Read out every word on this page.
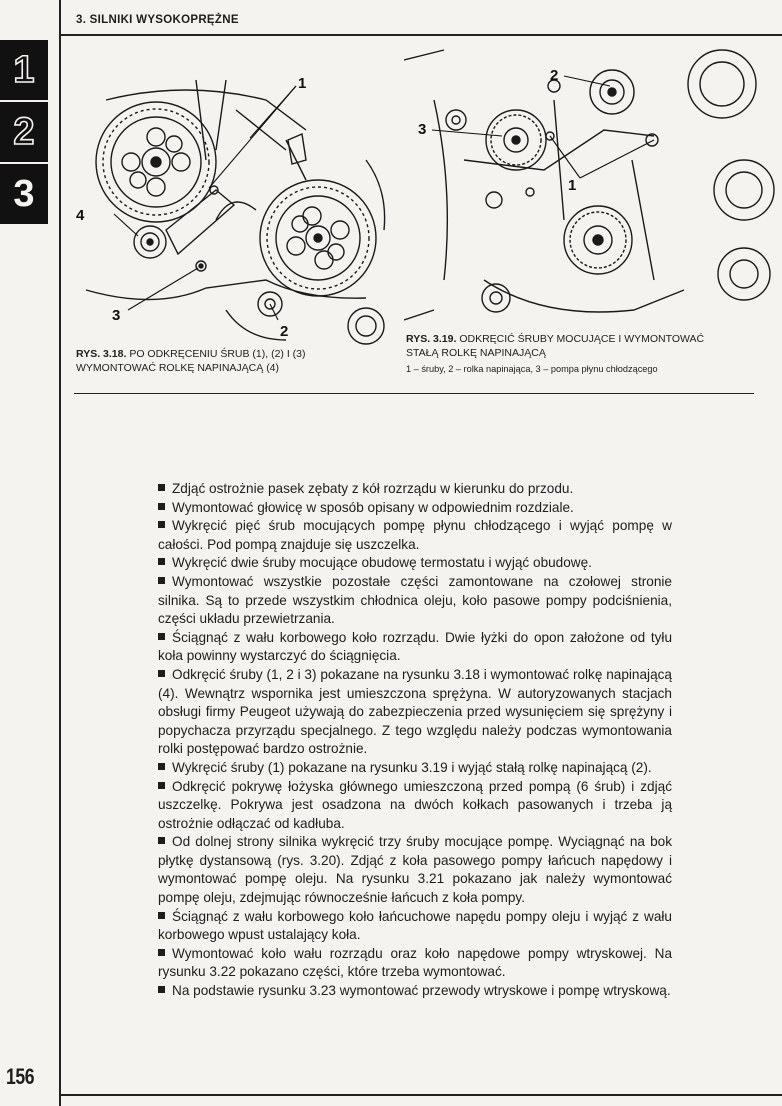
3. SILNIKI WYSOKOPRĘŻNE
1
2
3
1
2
3
4
2
3
1
RYS. 3.18. PO ODKRĘCENIU ŚRUB (1), (2) I (3) WYMONTOWAĆ ROLKĘ NAPINAJĄCĄ (4)
RYS. 3.19. ODKRĘCIĆ ŚRUBY MOCUJĄCE I WYMONTOWAĆ STAŁĄ ROLKĘ NAPINAJĄCĄ
1 – śruby, 2 – rolka napinająca, 3 – pompa płynu chłodzącego

Zdjąć ostrożnie pasek zębaty z kół rozrządu w kierunku do przodu.

Wymontować głowicę w sposób opisany w odpowiednim rozdziale.

Wykręcić pięć śrub mocujących pompę płynu chłodzącego i wyjąć pompę w całości. Pod pompą znajduje się uszczelka.

Wykręcić dwie śruby mocujące obudowę termostatu i wyjąć obudowę.

Wymontować wszystkie pozostałe części zamontowane na czołowej stronie silnika. Są to przede wszystkim chłodnica oleju, koło pasowe pompy podciśnienia, części układu przewietrzania.

Ściągnąć z wału korbowego koło rozrządu. Dwie łyżki do opon założone od tyłu koła powinny wystarczyć do ściągnięcia.

Odkręcić śruby (1, 2 i 3) pokazane na rysunku 3.18 i wymontować rolkę napinającą (4). Wewnątrz wspornika jest umieszczona sprężyna. W autoryzowanych stacjach obsługi firmy Peugeot używają do zabezpieczenia przed wysunięciem się sprężyny i popychacza przyrządu specjalnego. Z tego względu należy podczas wymontowania rolki postępować bardzo ostrożnie.

Wykręcić śruby (1) pokazane na rysunku 3.19 i wyjąć stałą rolkę napinającą (2).

Odkręcić pokrywę łożyska głównego umieszczoną przed pompą (6 śrub) i zdjąć uszczelkę. Pokrywa jest osadzona na dwóch kołkach pasowanych i trzeba ją ostrożnie odłączać od kadłuba.

Od dolnej strony silnika wykręcić trzy śruby mocujące pompę. Wyciągnąć na bok płytkę dystansową (rys. 3.20). Zdjąć z koła pasowego pompy łańcuch napędowy i wymontować pompę oleju. Na rysunku 3.21 pokazano jak należy wymontować pompę oleju, zdejmując równocześnie łańcuch z koła pompy.

Ściągnąć z wału korbowego koło łańcuchowe napędu pompy oleju i wyjąć z wału korbowego wpust ustalający koła.

Wymontować koło wału rozrządu oraz koło napędowe pompy wtryskowej. Na rysunku 3.22 pokazano części, które trzeba wymontować.

Na podstawie rysunku 3.23 wymontować przewody wtryskowe i pompę wtryskową.

156
